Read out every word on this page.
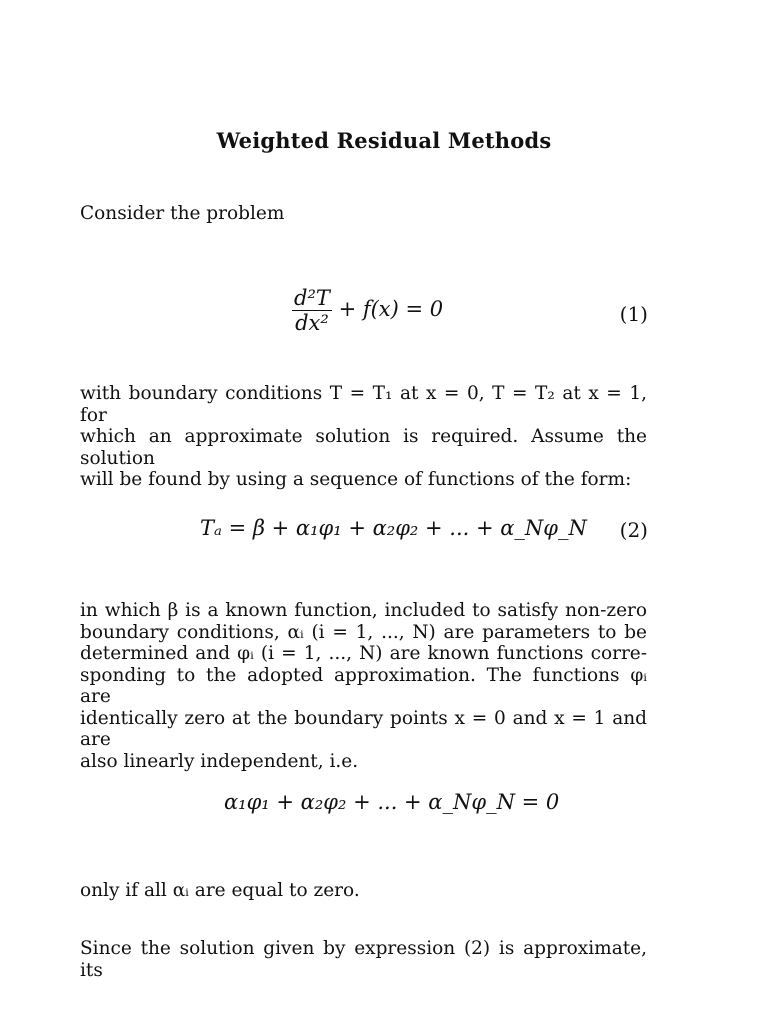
Weighted Residual Methods
Consider the problem
$\frac{\text{d²T}}{\text{dx²}} + f(x) = 0$	(1)
with boundary conditions T = T₁ at x = 0, T = T₂ at x = 1, for
which an approximate solution is required. Assume the solution
will be found by using a sequence of functions of the form:
Tₐ = β + α₁φ₁ + α₂φ₂ + ... + α_Nφ_N	(2)
in which β is a known function, included to satisfy non-zero
boundary conditions, αᵢ (i = 1, ..., N) are parameters to be
determined and φᵢ (i = 1, ..., N) are known functions corre-
sponding to the adopted approximation. The functions φᵢ are
identically zero at the boundary points x = 0 and x = 1 and are
also linearly independent, i.e.
α₁φ₁ + α₂φ₂ + ... + α_Nφ_N = 0
only if all αᵢ are equal to zero.
Since the solution given by expression (2) is approximate, its
